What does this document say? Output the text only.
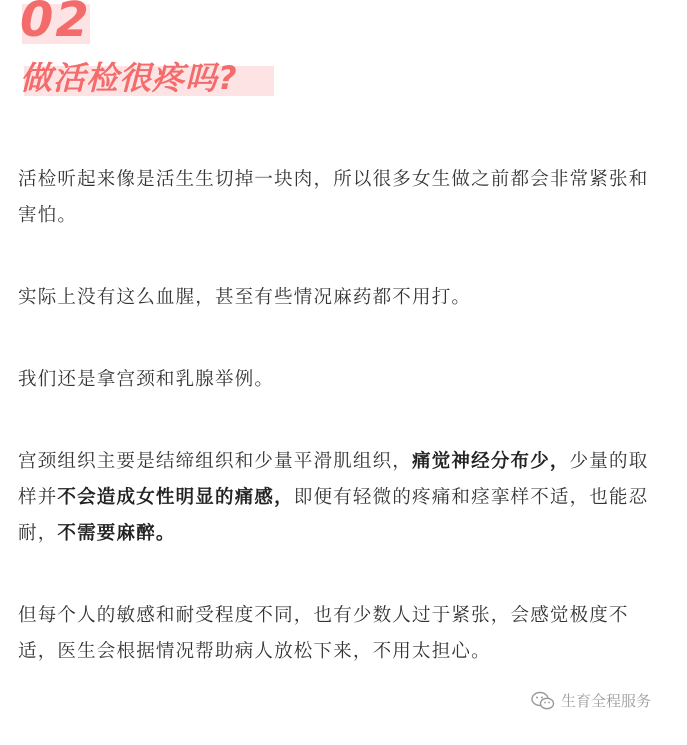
02
做活检很疼吗?

活检听起来像是活生生切掉一块肉，所以很多女生做之前都会非常紧张和害怕。

实际上没有这么血腥，甚至有些情况麻药都不用打。

我们还是拿宫颈和乳腺举例。

宫颈组织主要是结缔组织和少量平滑肌组织，痛觉神经分布少，少量的取样并不会造成女性明显的痛感，即便有轻微的疼痛和痉挛样不适，也能忍耐，不需要麻醉。

但每个人的敏感和耐受程度不同，也有少数人过于紧张，会感觉极度不适，医生会根据情况帮助病人放松下来，不用太担心。

生育全程服务
